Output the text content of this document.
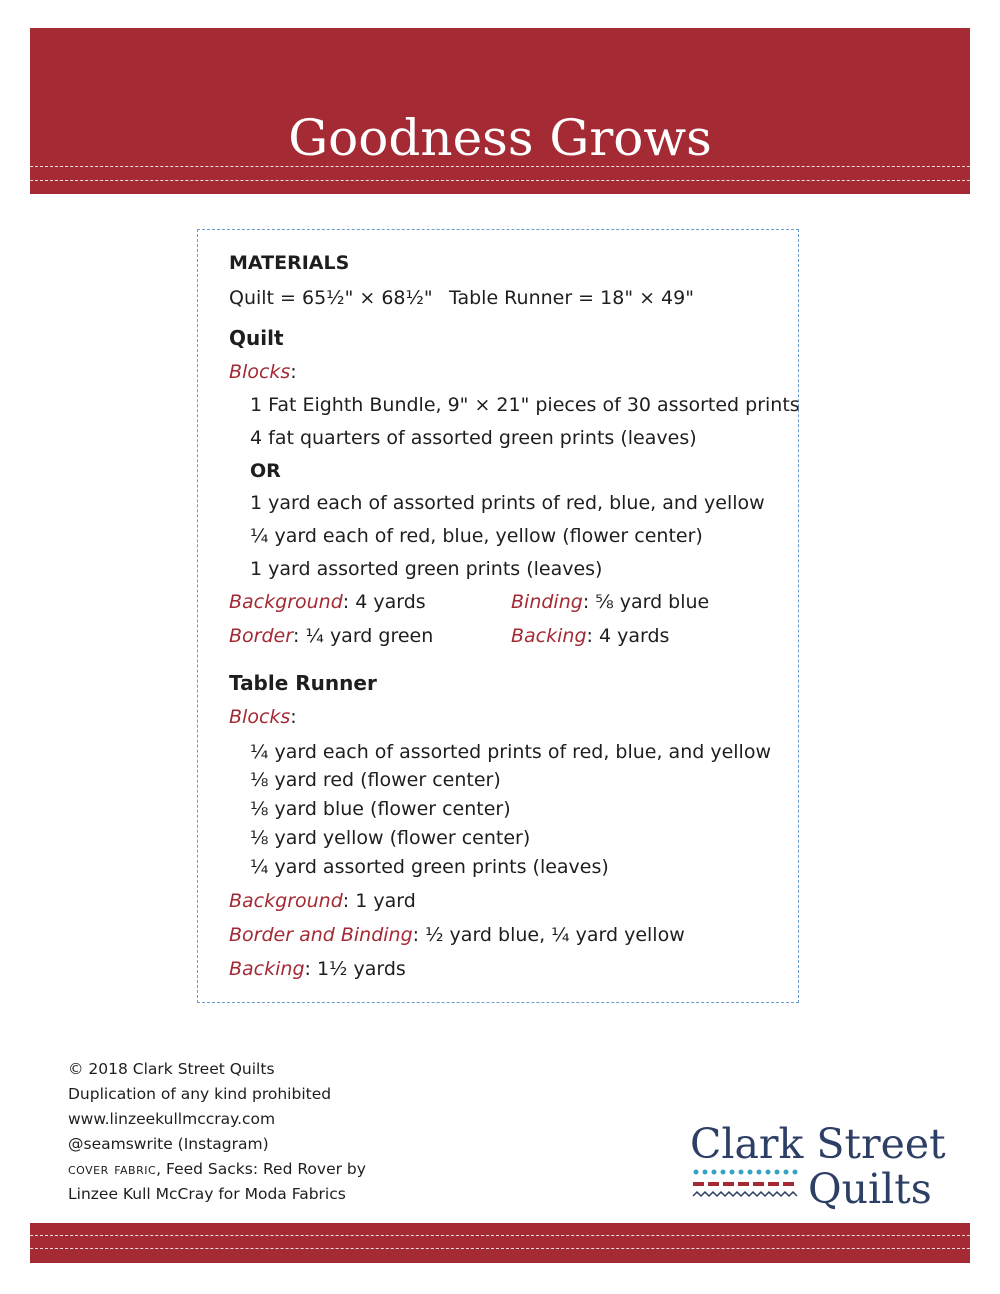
Goodness Grows
MATERIALS
Quilt = 65½" × 68½" Table Runner = 18" × 49"
Quilt
Blocks:
1 Fat Eighth Bundle, 9" × 21" pieces of 30 assorted prints
4 fat quarters of assorted green prints (leaves)
OR
1 yard each of assorted prints of red, blue, and yellow
¼ yard each of red, blue, yellow (flower center)
1 yard assorted green prints (leaves)
Background: 4 yards	Binding: ⅝ yard blue
Border: ¼ yard green	Backing: 4 yards
Table Runner
Blocks:
¼ yard each of assorted prints of red, blue, and yellow
⅛ yard red (flower center)
⅛ yard blue (flower center)
⅛ yard yellow (flower center)
¼ yard assorted green prints (leaves)
Background: 1 yard
Border and Binding: ½ yard blue, ¼ yard yellow
Backing: 1½ yards
© 2018 Clark Street Quilts
Duplication of any kind prohibited
www.linzeekullmccray.com
@seamswrite (Instagram)
cover fabric, Feed Sacks: Red Rover by
Linzee Kull McCray for Moda Fabrics
Clark Street
Quilts
